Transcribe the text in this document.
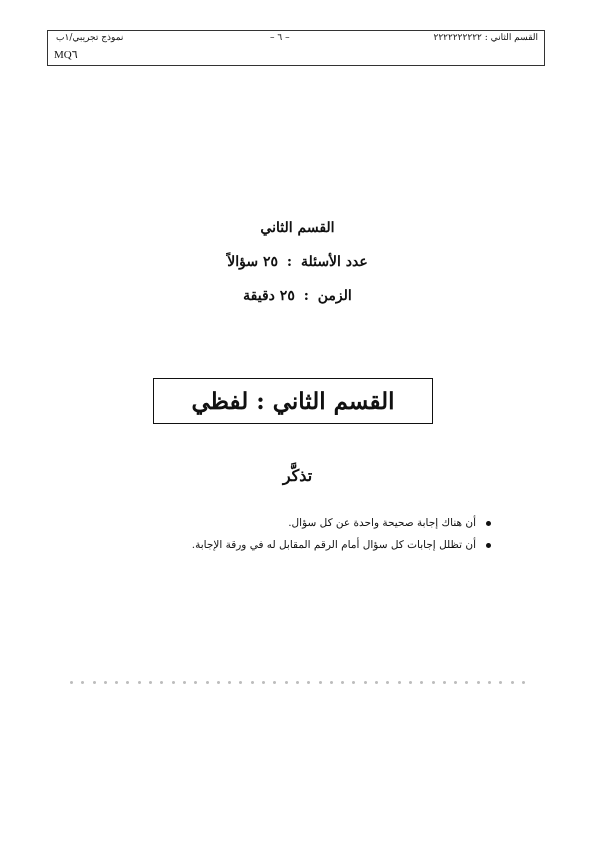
نموذج تجريبي/١ب
MQ٦
– ٦ –	القسم الثاني : ٢٢٢٢٢٢٢٢٢٢
القسم الثاني
عدد الأسئلة : ٢٥ سؤالاً
الزمن : ٢٥ دقيقة
القسم الثاني : لفظي
تذكَّر
أن هناك إجابة صحيحة واحدة عن كل سؤال.
أن تظلل إجابات كل سؤال أمام الرقم المقابل له في ورقة الإجابة.
